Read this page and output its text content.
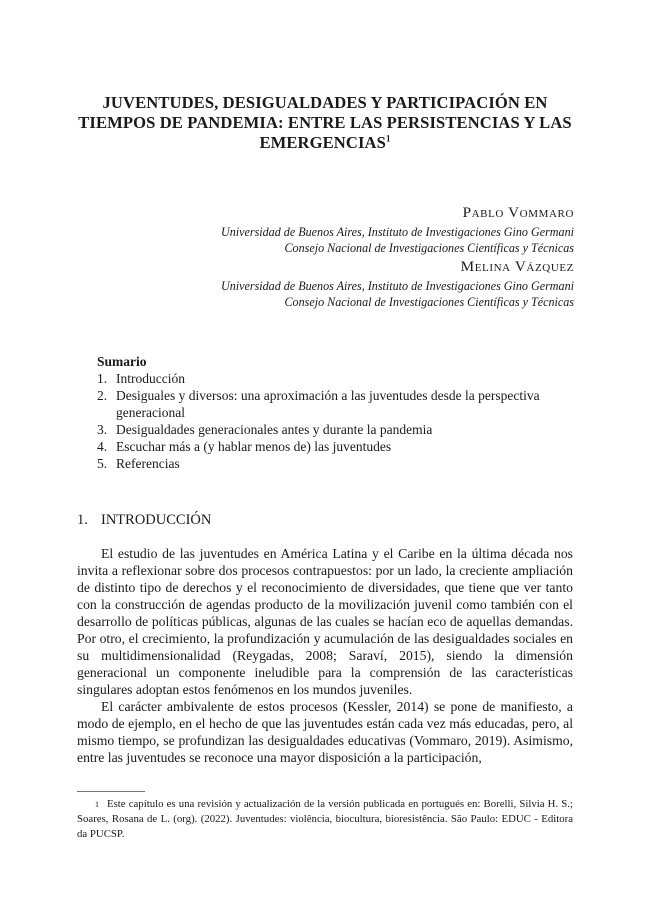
JUVENTUDES, DESIGUALDADES Y PARTICIPACIÓN EN
TIEMPOS DE PANDEMIA: ENTRE LAS PERSISTENCIAS Y LAS
EMERGENCIAS$^1$
Pablo Vommaro
Universidad de Buenos Aires, Instituto de Investigaciones Gino Germani
Consejo Nacional de Investigaciones Científicas y Técnicas
Melina Vázquez
Universidad de Buenos Aires, Instituto de Investigaciones Gino Germani
Consejo Nacional de Investigaciones Científicas y Técnicas
Sumario
1. Introducción
2. Desiguales y diversos: una aproximación a las juventudes desde la perspectiva generacional
3. Desigualdades generacionales antes y durante la pandemia
4. Escuchar más a (y hablar menos de) las juventudes
5. Referencias
1. INTRODUCCIÓN

El estudio de las juventudes en América Latina y el Caribe en la última década nos invita a reflexionar sobre dos procesos contrapuestos: por un lado, la creciente ampliación de distinto tipo de derechos y el reconocimiento de diversidades, que tiene que ver tanto con la construcción de agendas producto de la movilización juvenil como también con el desarrollo de políticas públicas, algunas de las cuales se hacían eco de aquellas demandas. Por otro, el crecimiento, la profundización y acumulación de las desigualdades sociales en su multidimensionalidad (Reygadas, 2008; Saraví, 2015), siendo la dimensión generacional un componente ineludible para la comprensión de las características singulares adoptan estos fenómenos en los mundos juveniles.

El carácter ambivalente de estos procesos (Kessler, 2014) se pone de manifiesto, a modo de ejemplo, en el hecho de que las juventudes están cada vez más educadas, pero, al mismo tiempo, se profundizan las desigualdades educativas (Vommaro, 2019). Asimismo, entre las juventudes se reconoce una mayor disposición a la participación,

1 Este capítulo es una revisión y actualización de la versión publicada en portugués en: Borelli, Silvia H. S.; Soares, Rosana de L. (org). (2022). Juventudes: violência, biocultura, bioresistência. São Paulo: EDUC - Editora da PUCSP.
